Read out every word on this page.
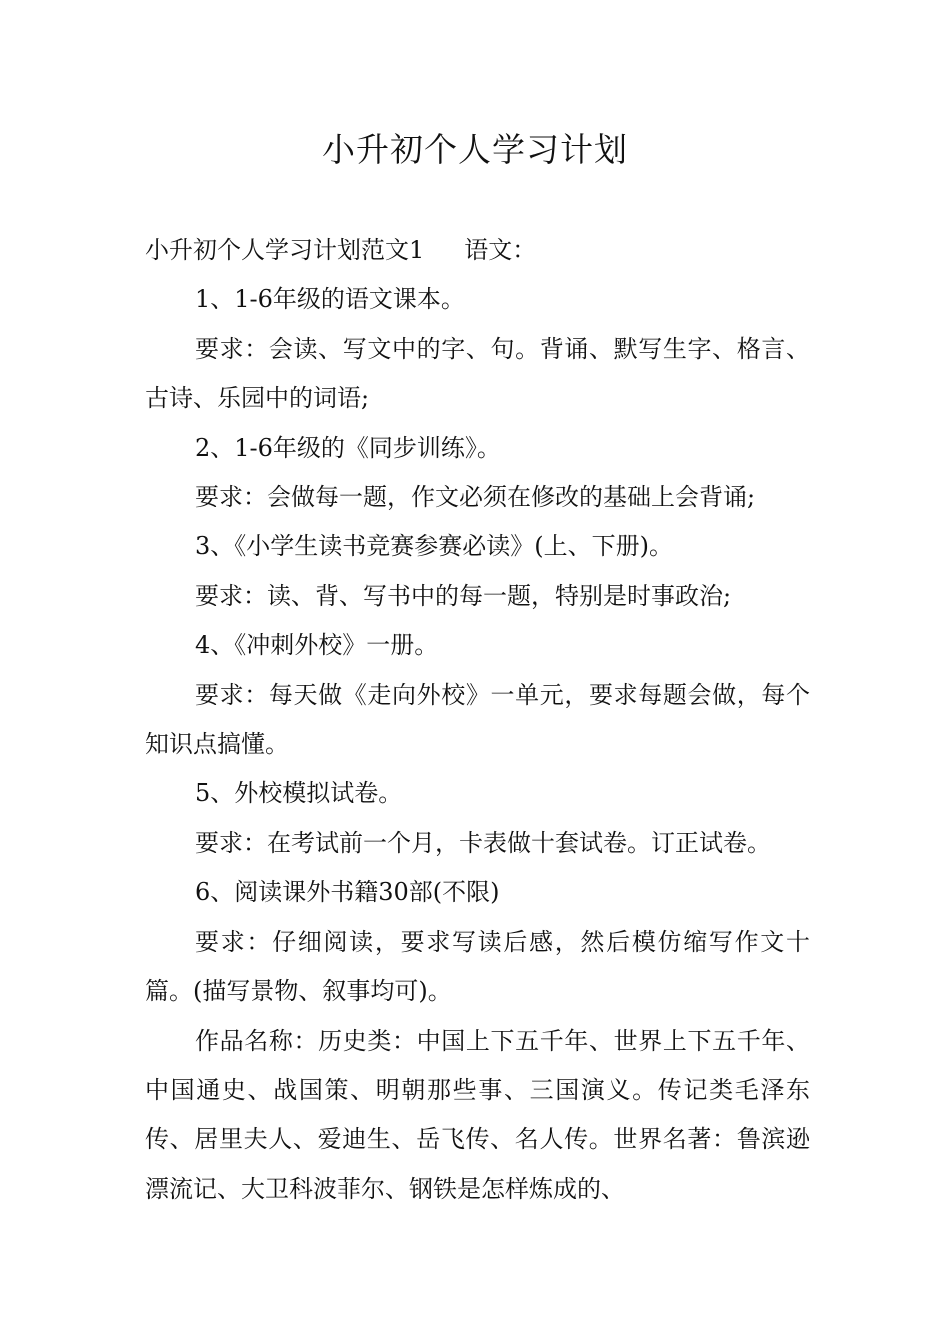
小升初个人学习计划

小升初个人学习计划范文1 语文：

1、1-6年级的语文课本。

要求：会读、写文中的字、句。背诵、默写生字、格言、古诗、乐园中的词语;

2、1-6年级的《同步训练》。

要求：会做每一题，作文必须在修改的基础上会背诵;

3、《小学生读书竞赛参赛必读》(上、下册)。

要求：读、背、写书中的每一题，特别是时事政治;

4、《冲刺外校》一册。

要求：每天做《走向外校》一单元，要求每题会做，每个知识点搞懂。

5、外校模拟试卷。

要求：在考试前一个月，卡表做十套试卷。订正试卷。

6、阅读课外书籍30部(不限)

要求：仔细阅读，要求写读后感，然后模仿缩写作文十篇。(描写景物、叙事均可)。

作品名称：历史类：中国上下五千年、世界上下五千年、中国通史、战国策、明朝那些事、三国演义。传记类毛泽东传、居里夫人、爱迪生、岳飞传、名人传。世界名著：鲁滨逊漂流记、大卫科波菲尔、钢铁是怎样炼成的、
